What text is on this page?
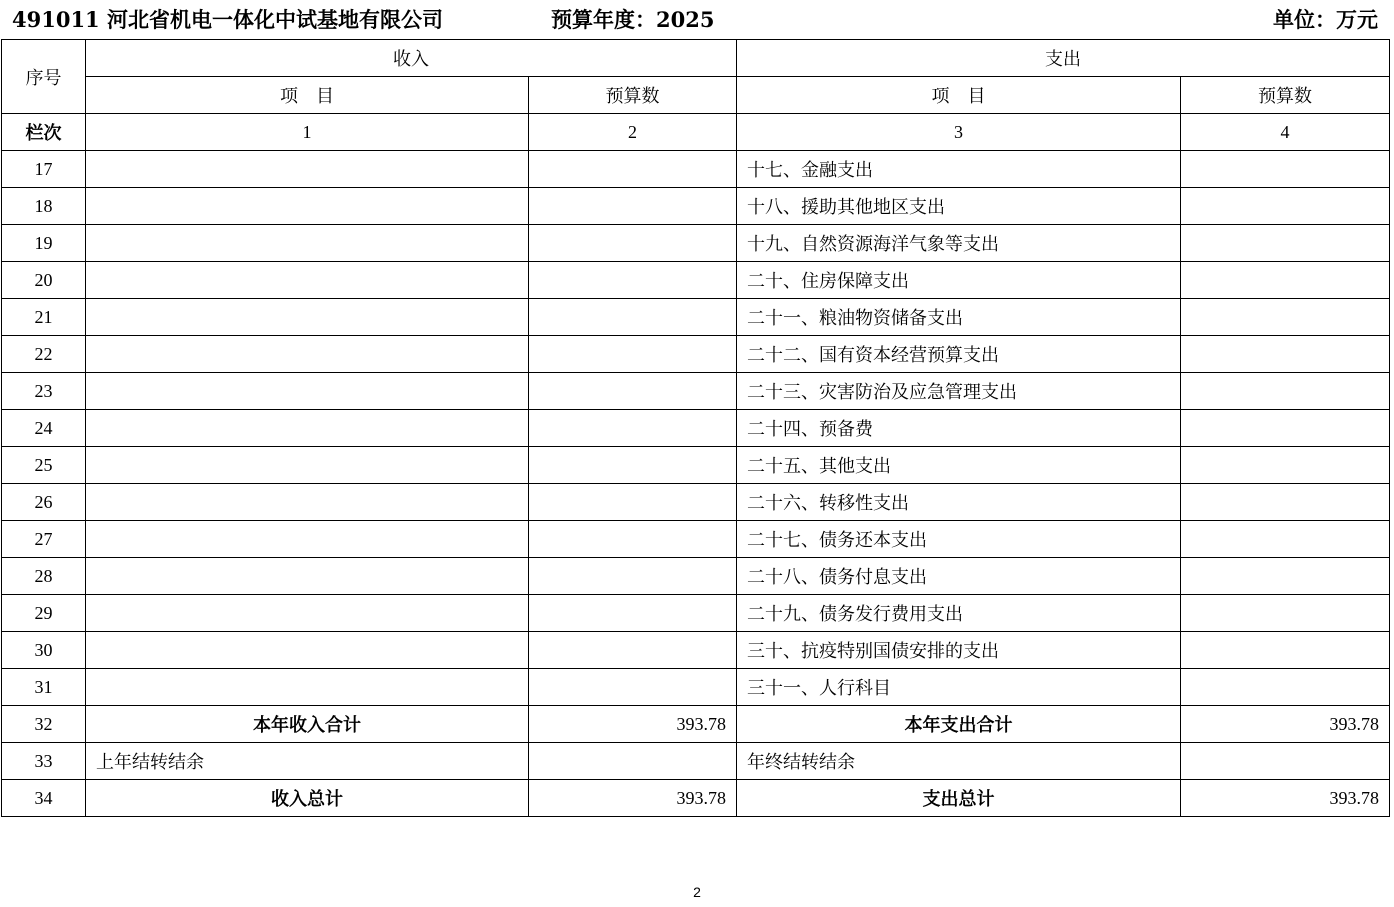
491011 河北省机电一体化中试基地有限公司	预算年度：2025	单位：万元
序号	收入		支出	
	项　目	预算数	项　目	预算数
栏次	1	2	3	4
17			十七、金融支出	
18			十八、援助其他地区支出	
19			十九、自然资源海洋气象等支出	
20			二十、住房保障支出	
21			二十一、粮油物资储备支出	
22			二十二、国有资本经营预算支出	
23			二十三、灾害防治及应急管理支出	
24			二十四、预备费	
25			二十五、其他支出	
26			二十六、转移性支出	
27			二十七、债务还本支出	
28			二十八、债务付息支出	
29			二十九、债务发行费用支出	
30			三十、抗疫特别国债安排的支出	
31			三十一、人行科目	
32	本年收入合计	393.78	本年支出合计	393.78
33	上年结转结余		年终结转结余	
34	收入总计	393.78	支出总计	393.78
2
